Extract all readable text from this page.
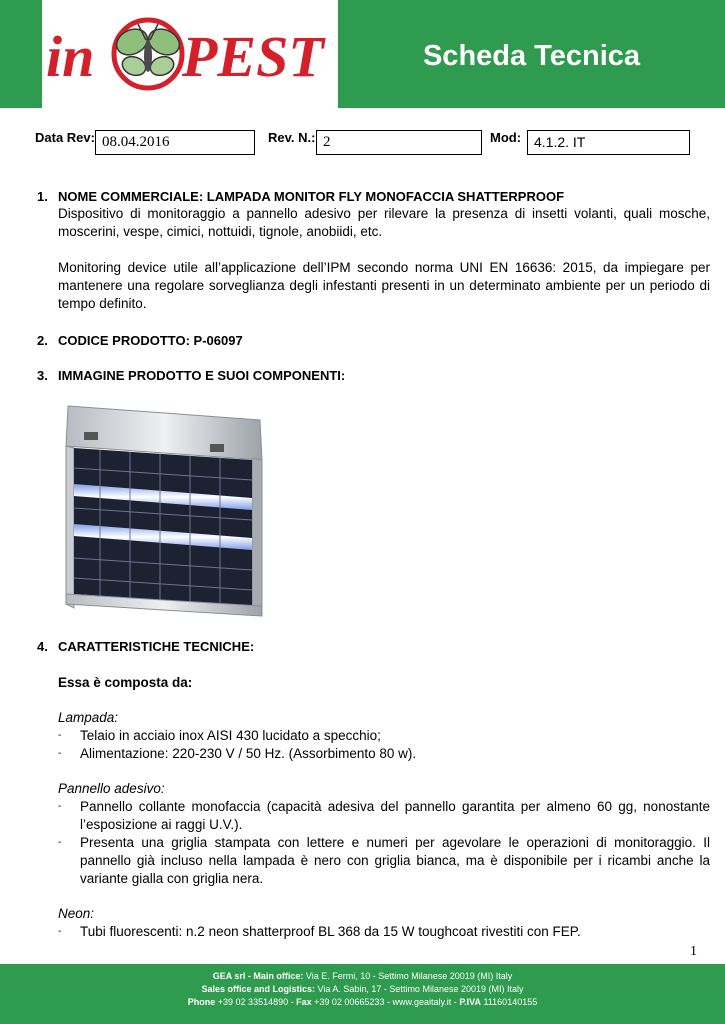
in PEST	Scheda Tecnica
Data Rev: 08.04.2016	Rev. N.: 2	Mod: 4.1.2. IT
1. NOME COMMERCIALE: LAMPADA MONITOR FLY MONOFACCIA SHATTERPROOF
Dispositivo di monitoraggio a pannello adesivo per rilevare la presenza di insetti volanti, quali mosche, moscerini, vespe, cimici, nottuidi, tignole, anobiidi, etc.
Monitoring device utile all’applicazione dell’IPM secondo norma UNI EN 16636: 2015, da impiegare per mantenere una regolare sorveglianza degli infestanti presenti in un determinato ambiente per un periodo di tempo definito.
2. CODICE PRODOTTO: P-06097
3. IMMAGINE PRODOTTO E SUOI COMPONENTI:
4. CARATTERISTICHE TECNICHE:
Essa è composta da:
Lampada:
- Telaio in acciaio inox AISI 430 lucidato a specchio;
- Alimentazione: 220-230 V / 50 Hz. (Assorbimento 80 w).
Pannello adesivo:
- Pannello collante monofaccia (capacità adesiva del pannello garantita per almeno 60 gg, nonostante l’esposizione ai raggi U.V.).
- Presenta una griglia stampata con lettere e numeri per agevolare le operazioni di monitoraggio. Il pannello già incluso nella lampada è nero con griglia bianca, ma è disponibile per i ricambi anche la variante gialla con griglia nera.
Neon:
- Tubi fluorescenti: n.2 neon shatterproof BL 368 da 15 W toughcoat rivestiti con FEP.
1
GEA srl - Main office: Via E. Fermi, 10 - Settimo Milanese 20019 (MI) Italy
Sales office and Logistics: Via A. Sabin, 17 - Settimo Milanese 20019 (MI) Italy
Phone +39 02 33514890 - Fax +39 02 00665233 - www.geaitaly.it - P.IVA 11160140155
